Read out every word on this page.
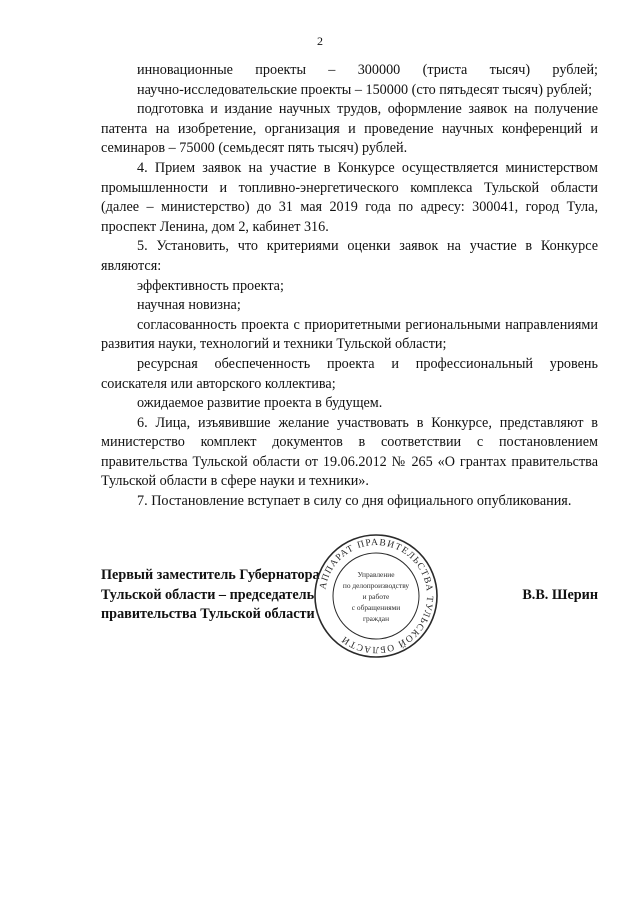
2

инновационные проекты – 300000 (триста тысяч) рублей;

научно-исследовательские проекты – 150000 (сто пятьдесят тысяч) рублей;

подготовка и издание научных трудов, оформление заявок на получение патента на изобретение, организация и проведение научных конференций и семинаров – 75000 (семьдесят пять тысяч) рублей.

4. Прием заявок на участие в Конкурсе осуществляется министерством промышленности и топливно-энергетического комплекса Тульской области (далее – министерство) до 31 мая 2019 года по адресу: 300041, город Тула, проспект Ленина, дом 2, кабинет 316.

5. Установить, что критериями оценки заявок на участие в Конкурсе являются:

эффективность проекта;

научная новизна;

согласованность проекта с приоритетными региональными направлениями развития науки, технологий и техники Тульской области;

ресурсная обеспеченность проекта и профессиональный уровень соискателя или авторского коллектива;

ожидаемое развитие проекта в будущем.

6. Лица, изъявившие желание участвовать в Конкурсе, представляют в министерство комплект документов в соответствии с постановлением правительства Тульской области от 19.06.2012 № 265 «О грантах правительства Тульской области в сфере науки и техники».

7. Постановление вступает в силу со дня официального опубликования.

Первый заместитель Губернатора
Тульской области – председатель
правительства Тульской области
В.В. Шерин
АППАРАТ ПРАВИТЕЛЬСТВА ТУЛЬСКОЙ ОБЛАСТИ
Управление
по делопроизводству
и работе
с обращениями
граждан
